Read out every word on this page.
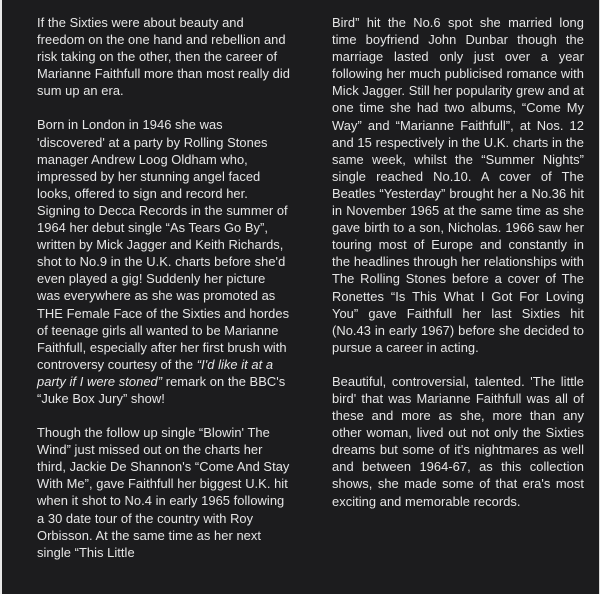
If the Sixties were about beauty and freedom on the one hand and rebellion and risk taking on the other, then the career of Marianne Faithfull more than most really did sum up an era.

Born in London in 1946 she was 'discovered' at a party by Rolling Stones manager Andrew Loog Oldham who, impressed by her stunning angel faced looks, offered to sign and record her. Signing to Decca Records in the summer of 1964 her debut single “As Tears Go By”, written by Mick Jagger and Keith Richards, shot to No.9 in the U.K. charts before she'd even played a gig! Suddenly her picture was everywhere as she was promoted as THE Female Face of the Sixties and hordes of teenage girls all wanted to be Marianne Faithfull, especially after her first brush with controversy courtesy of the “I'd like it at a party if I were stoned” remark on the BBC's “Juke Box Jury” show!

Though the follow up single “Blowin' The Wind” just missed out on the charts her third, Jackie De Shannon's “Come And Stay With Me”, gave Faithfull her biggest U.K. hit when it shot to No.4 in early 1965 following a 30 date tour of the country with Roy Orbisson. At the same time as her next single “This Little

Bird” hit the No.6 spot she married long time boyfriend John Dunbar though the marriage lasted only just over a year following her much publicised romance with Mick Jagger. Still her popularity grew and at one time she had two albums, “Come My Way” and “Marianne Faithfull”, at Nos. 12 and 15 respectively in the U.K. charts in the same week, whilst the “Summer Nights” single reached No.10. A cover of The Beatles “Yesterday” brought her a No.36 hit in November 1965 at the same time as she gave birth to a son, Nicholas. 1966 saw her touring most of Europe and constantly in the headlines through her relationships with The Rolling Stones before a cover of The Ronettes “Is This What I Got For Loving You” gave Faithfull her last Sixties hit (No.43 in early 1967) before she decided to pursue a career in acting.

Beautiful, controversial, talented. 'The little bird' that was Marianne Faithfull was all of these and more as she, more than any other woman, lived out not only the Sixties dreams but some of it's nightmares as well and between 1964-67, as this collection shows, she made some of that era's most exciting and memorable records.
